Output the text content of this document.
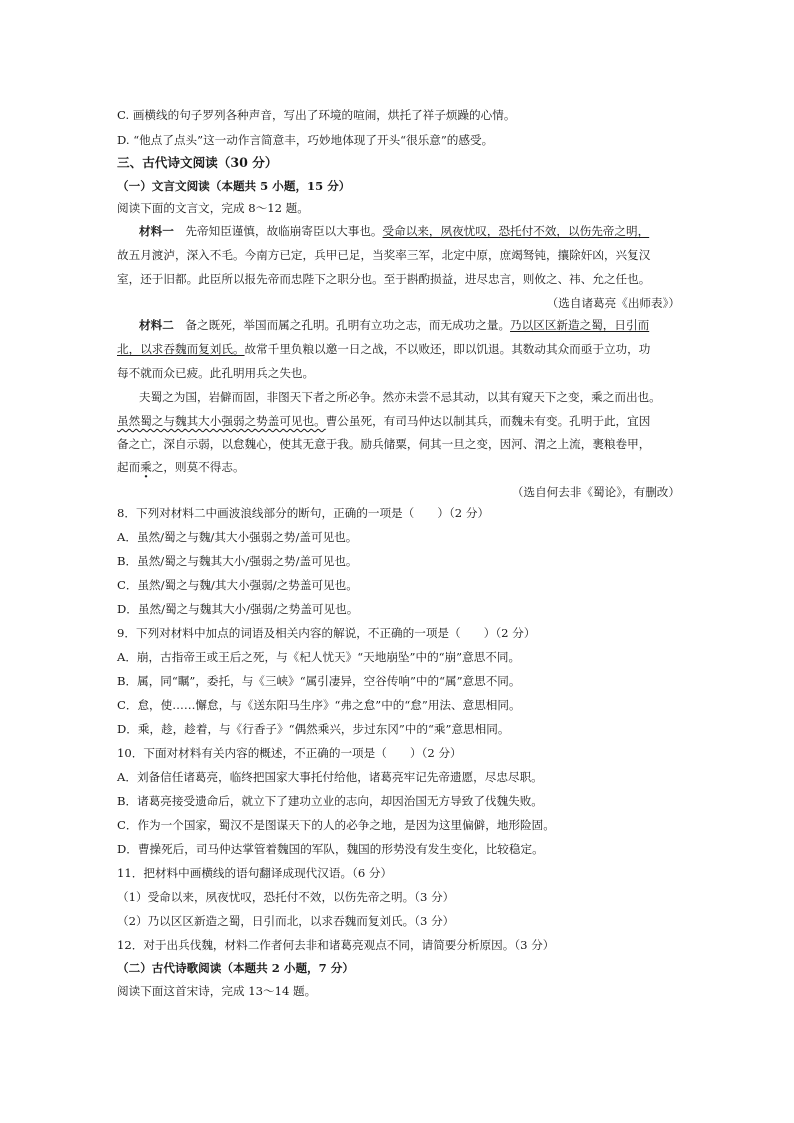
C. 画横线的句子罗列各种声音，写出了环境的喧闹，烘托了祥子烦躁的心情。
D. “他点了点头”这一动作言简意丰，巧妙地体现了开头“很乐意”的感受。
三、古代诗文阅读（30 分）
（一）文言文阅读（本题共 5 小题，15 分）
阅读下面的文言文，完成 8～12 题。
材料一　 先帝知臣谨慎，故临崩寄臣以大事也。受命以来，夙夜忧叹，恐托付不效，以伤先帝之明，
故五月渡泸，深入不毛。今南方已定，兵甲已足，当奖率三军，北定中原，庶竭驽钝，攘除奸凶，兴复汉
室，还于旧都。此臣所以报先帝而忠陛下之职分也。至于斟酌损益，进尽忠言，则攸之、祎、允之任也。
（选自诸葛亮《出师表》）
材料二　 备之既死，举国而属之孔明。孔明有立功之志，而无成功之量。乃以区区新造之蜀，日引而
北，以求吞魏而复刘氏。故常千里负粮以邀一日之战，不以败还，即以饥退。其数动其众而亟于立功，功
每不就而众已疲。此孔明用兵之失也。
夫蜀之为国，岩僻而固，非图天下者之所必争。然亦未尝不忌其动，以其有窥天下之变，乘之而出也。
虽然蜀之与魏其大小强弱之势盖可见也。曹公虽死，有司马仲达以制其兵，而魏未有变。孔明于此，宜因
备之亡，深自示弱，以怠魏心，使其无意于我。励兵储粟，伺其一旦之变，因河、渭之上流，裹粮卷甲，
起而乘之，则莫不得志。
（选自何去非《蜀论》，有删改）
8．下列对材料二中画波浪线部分的断句，正确的一项是（　　）（2 分）
A．虽然/蜀之与魏/其大小强弱之势/盖可见也。
B．虽然/蜀之与魏其大小/强弱之势/盖可见也。
C．虽然/蜀之与魏/其大小强弱/之势盖可见也。
D．虽然/蜀之与魏其大小/强弱/之势盖可见也。
9．下列对材料中加点的词语及相关内容的解说，不正确的一项是（　　）（2 分）
A．崩，古指帝王或王后之死，与《杞人忧天》“天地崩坠”中的“崩”意思不同。
B．属，同“瞩”，委托，与《三峡》“属引凄异，空谷传响”中的“属”意思不同。
C．怠，使……懈怠，与《送东阳马生序》“弗之怠”中的“怠”用法、意思相同。
D．乘，趁，趁着，与《行香子》“偶然乘兴，步过东冈”中的“乘”意思相同。
10．下面对材料有关内容的概述，不正确的一项是（　　）（2 分）
A．刘备信任诸葛亮，临终把国家大事托付给他，诸葛亮牢记先帝遗愿，尽忠尽职。
B．诸葛亮接受遗命后，就立下了建功立业的志向，却因治国无方导致了伐魏失败。
C．作为一个国家，蜀汉不是图谋天下的人的必争之地，是因为这里偏僻，地形险固。
D．曹操死后，司马仲达掌管着魏国的军队，魏国的形势没有发生变化，比较稳定。
11．把材料中画横线的语句翻译成现代汉语。（6 分）
（1）受命以来，夙夜忧叹，恐托付不效，以伤先帝之明。（3 分）
（2）乃以区区新造之蜀，日引而北，以求吞魏而复刘氏。（3 分）
12．对于出兵伐魏，材料二作者何去非和诸葛亮观点不同，请简要分析原因。（3 分）
（二）古代诗歌阅读（本题共 2 小题，7 分）
阅读下面这首宋诗，完成 13～14 题。
